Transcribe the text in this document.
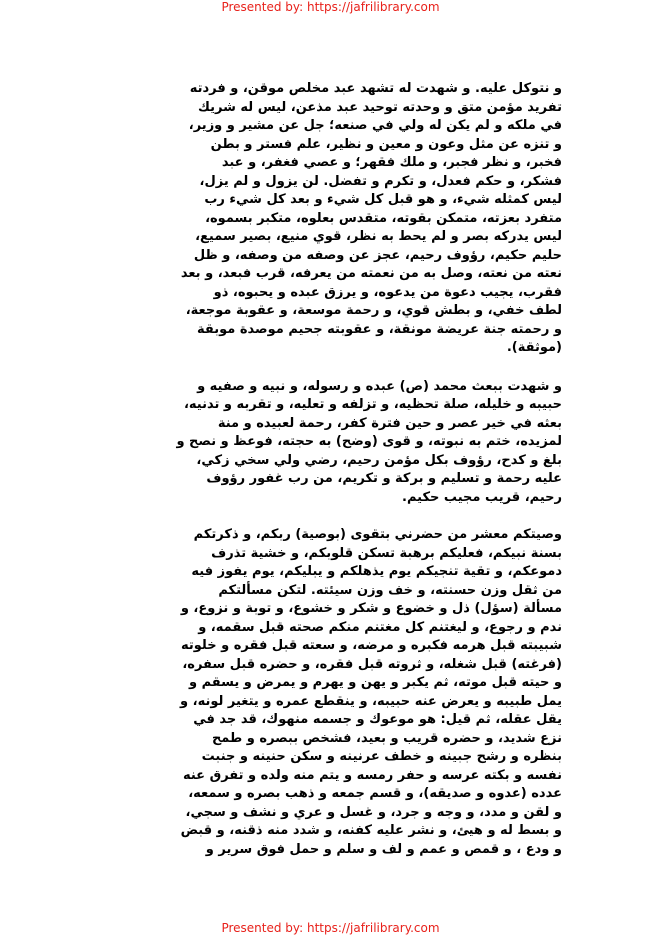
Presented by: https://jafrilibrary.com
و نتوكل عليه. و شهدت له تشهد عبد مخلص موقن، و فردته
تفريد مؤمن متق و وحدته توحيد عبد مذعن، ليس له شريك
في ملكه و لم يكن له ولي في صنعه؛ جل عن مشير و وزير،
و تنزه عن مثل وعون و معين و نظير، علم فستر و بطن
فخبر، و نظر فجبر، و ملك فقهر؛ و عصي فغفر، و عبد
فشكر، و حكم فعدل، و تكرم و تفضل. لن يزول و لم يزل،
ليس كمثله شيء، و هو قبل كل شيء و بعد كل شيء رب
متفرد بعزته، متمكن بقوته، متقدس بعلوه، متكبر بسموه،
ليس يدركه بصر و لم يحط به نظر، قوي منيع، بصير سميع،
حليم حكيم، رؤوف رحيم، عجز عن وصفه من وصفه، و ظل
نعته من نعته، وصل به من نعمته من يعرفه، قرب فبعد، و بعد
فقرب، يجيب دعوة من يدعوه، و يرزق عبده و يحبوه، ذو
لطف خفي، و بطش قوي، و رحمة موسعة، و عقوبة موجعة،
و رحمته جنة عريضة مونقة، و عقوبته جحيم موصدة موبقة
(موثقة).
و شهدت ببعث محمد (ص) عبده و رسوله، و نبيه و صفيه و
حبيبه و خليله، صلة تحظيه، و تزلفه و تعليه، و تقربه و تدنيه،
بعثه في خير عصر و حين فترة كفر، رحمة لعبيده و منة
لمزيده، ختم به نبوته، و قوى (وضح) به حجته، فوعظ و نصح و
بلغ و كدح، رؤوف بكل مؤمن رحيم، رضي ولي سخي زكي،
عليه رحمة و تسليم و بركة و تكريم، من رب غفور رؤوف
رحيم، قريب مجيب حكيم.
وصيتكم معشر من حضرني بتقوى (بوصية) ربكم، و ذكرتكم
بسنة نبيكم، فعليكم برهبة تسكن قلوبكم، و خشية تذرف
دموعكم، و تقية تنجيكم يوم يذهلكم و يبليكم، يوم يفوز فيه
من ثقل وزن حسنته، و خف وزن سيئته. لتكن مسألتكم
مسألة (سؤل) ذل و خضوع و شكر و خشوع، و توبة و نزوع، و
ندم و رجوع، و ليغتنم كل مغتنم منكم صحته قبل سقمه، و
شبيبته قبل هرمه فكبره و مرضه، و سعته قبل فقره و خلوته
(فرغته) قبل شغله، و ثروته قبل فقره، و حضره قبل سفره،
و حيته قبل موته، ثم يكبر و يهن و يهرم و يمرض و يسقم و
يمل طبيبه و يعرض عنه حبيبه، و ينقطع عمره و يتغير لونه، و
يقل عقله، ثم قيل: هو موعوك و جسمه منهوك، قد جد في
نزع شديد، و حضره قريب و بعيد، فشخص ببصره و طمح
بنظره و رشح جبينه و خطف عرنينه و سكن حنينه و جنبت
نفسه و بكته عرسه و حفر رمسه و يتم منه ولده و تفرق عنه
عدده (عدوه و صديقه)، و قسم جمعه و ذهب بصره و سمعه،
و لقن و مدد، و وجه و جرد، و غسل و عري و نشف و سجي،
و بسط له و هيئ، و نشر عليه كفنه، و شدد منه ذقنه، و قبض
و ودع ، و قمص و عمم و لف و سلم و حمل فوق سرير و
Presented by: https://jafrilibrary.com
